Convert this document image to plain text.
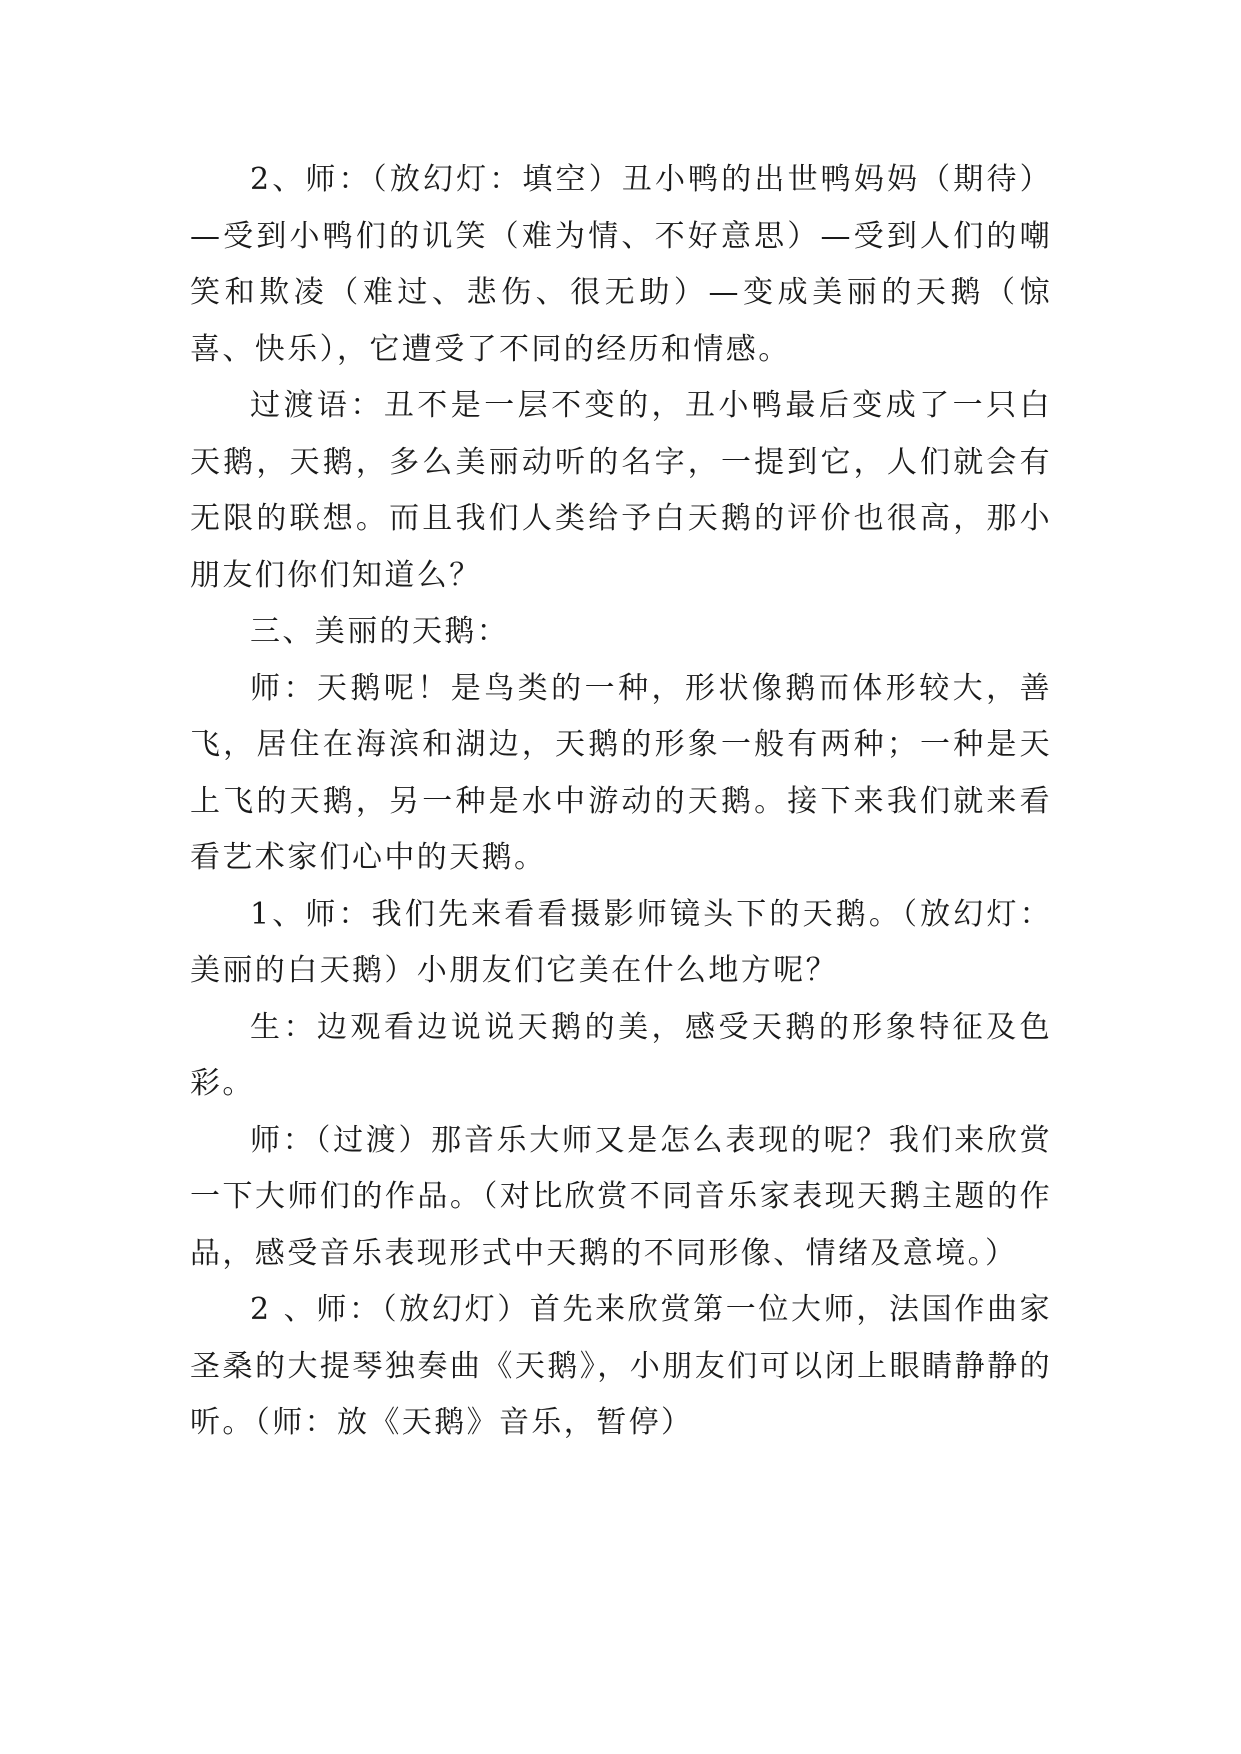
2、师：（放幻灯：填空）丑小鸭的出世鸭妈妈（期待）—受到小鸭们的讥笑（难为情、不好意思）—受到人们的嘲笑和欺凌（难过、悲伤、很无助）—变成美丽的天鹅（惊喜、快乐），它遭受了不同的经历和情感。

过渡语：丑不是一层不变的，丑小鸭最后变成了一只白天鹅，天鹅，多么美丽动听的名字，一提到它，人们就会有无限的联想。而且我们人类给予白天鹅的评价也很高，那小朋友们你们知道么？

三、美丽的天鹅：

师：天鹅呢！是鸟类的一种，形状像鹅而体形较大，善飞，居住在海滨和湖边，天鹅的形象一般有两种；一种是天上飞的天鹅，另一种是水中游动的天鹅。接下来我们就来看看艺术家们心中的天鹅。

1、师：我们先来看看摄影师镜头下的天鹅。（放幻灯：美丽的白天鹅）小朋友们它美在什么地方呢？

生：边观看边说说天鹅的美，感受天鹅的形象特征及色彩。

师：（过渡）那音乐大师又是怎么表现的呢？我们来欣赏一下大师们的作品。（对比欣赏不同音乐家表现天鹅主题的作品，感受音乐表现形式中天鹅的不同形像、情绪及意境。）

2 、师：（放幻灯）首先来欣赏第一位大师，法国作曲家圣桑的大提琴独奏曲《天鹅》，小朋友们可以闭上眼睛静静的听。（师：放《天鹅》音乐，暂停）
